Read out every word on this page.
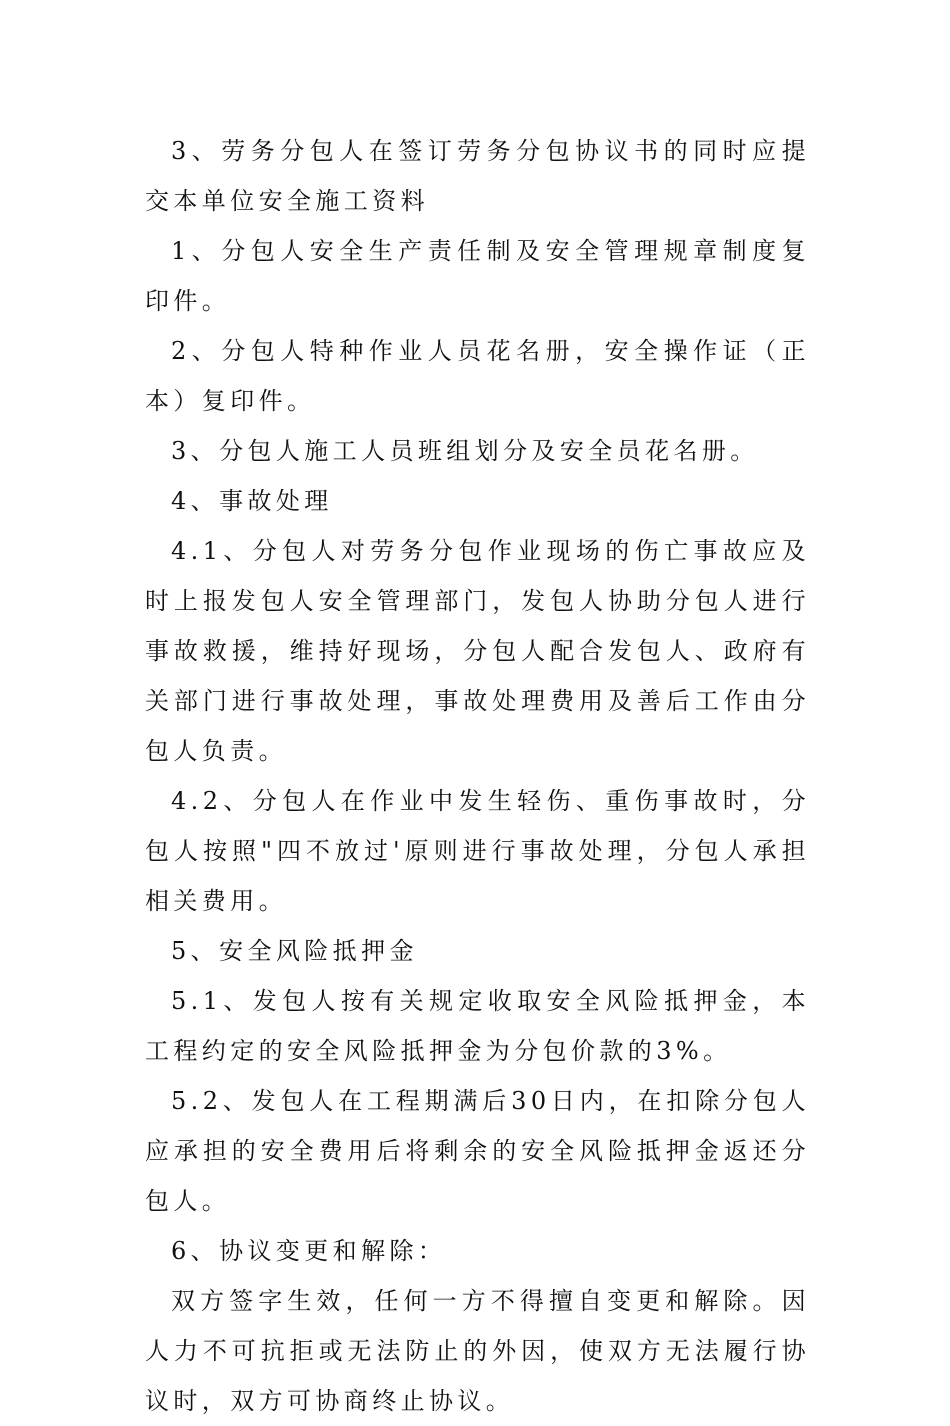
3、劳务分包人在签订劳务分包协议书的同时应提交本单位安全施工资料

1、分包人安全生产责任制及安全管理规章制度复印件。

2、分包人特种作业人员花名册，安全操作证（正本）复印件。

3、分包人施工人员班组划分及安全员花名册。

4、事故处理

4.1、分包人对劳务分包作业现场的伤亡事故应及时上报发包人安全管理部门，发包人协助分包人进行事故救援，维持好现场，分包人配合发包人、政府有关部门进行事故处理，事故处理费用及善后工作由分包人负责。

4.2、分包人在作业中发生轻伤、重伤事故时，分包人按照"四不放过'原则进行事故处理，分包人承担相关费用。

5、安全风险抵押金

5.1、发包人按有关规定收取安全风险抵押金，本工程约定的安全风险抵押金为分包价款的3%。

5.2、发包人在工程期满后30日内，在扣除分包人应承担的安全费用后将剩余的安全风险抵押金返还分包人。

6、协议变更和解除：

双方签字生效，任何一方不得擅自变更和解除。因人力不可抗拒或无法防止的外因，使双方无法履行协议时，双方可协商终止协议。
